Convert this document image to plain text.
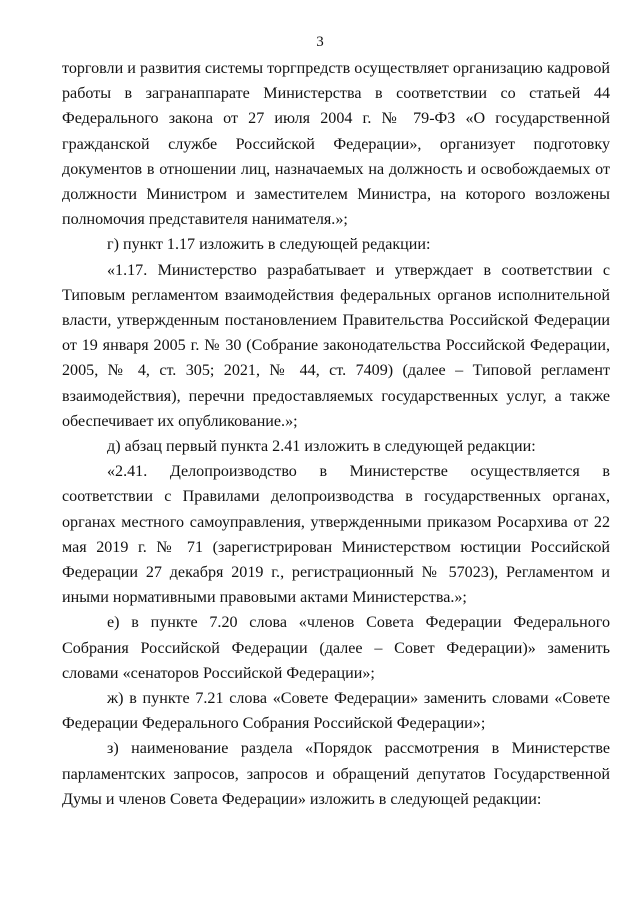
3

торговли и развития системы торгпредств осуществляет организацию кадровой работы в загранаппарате Министерства в соответствии со статьей 44 Федерального закона от 27 июля 2004 г. № 79-ФЗ «О государственной гражданской службе Российской Федерации», организует подготовку документов в отношении лиц, назначаемых на должность и освобождаемых от должности Министром и заместителем Министра, на которого возложены полномочия представителя нанимателя.»;

г) пункт 1.17 изложить в следующей редакции:

«1.17. Министерство разрабатывает и утверждает в соответствии с Типовым регламентом взаимодействия федеральных органов исполнительной власти, утвержденным постановлением Правительства Российской Федерации от 19 января 2005 г. № 30 (Собрание законодательства Российской Федерации, 2005, № 4, ст. 305; 2021, № 44, ст. 7409) (далее – Типовой регламент взаимодействия), перечни предоставляемых государственных услуг, а также обеспечивает их опубликование.»;

д) абзац первый пункта 2.41 изложить в следующей редакции:

«2.41. Делопроизводство в Министерстве осуществляется в соответствии с Правилами делопроизводства в государственных органах, органах местного самоуправления, утвержденными приказом Росархива от 22 мая 2019 г. № 71 (зарегистрирован Министерством юстиции Российской Федерации 27 декабря 2019 г., регистрационный № 57023), Регламентом и иными нормативными правовыми актами Министерства.»;

е) в пункте 7.20 слова «членов Совета Федерации Федерального Собрания Российской Федерации (далее – Совет Федерации)» заменить словами «сенаторов Российской Федерации»;

ж) в пункте 7.21 слова «Совете Федерации» заменить словами «Совете Федерации Федерального Собрания Российской Федерации»;

з) наименование раздела «Порядок рассмотрения в Министерстве парламентских запросов, запросов и обращений депутатов Государственной Думы и членов Совета Федерации» изложить в следующей редакции:
